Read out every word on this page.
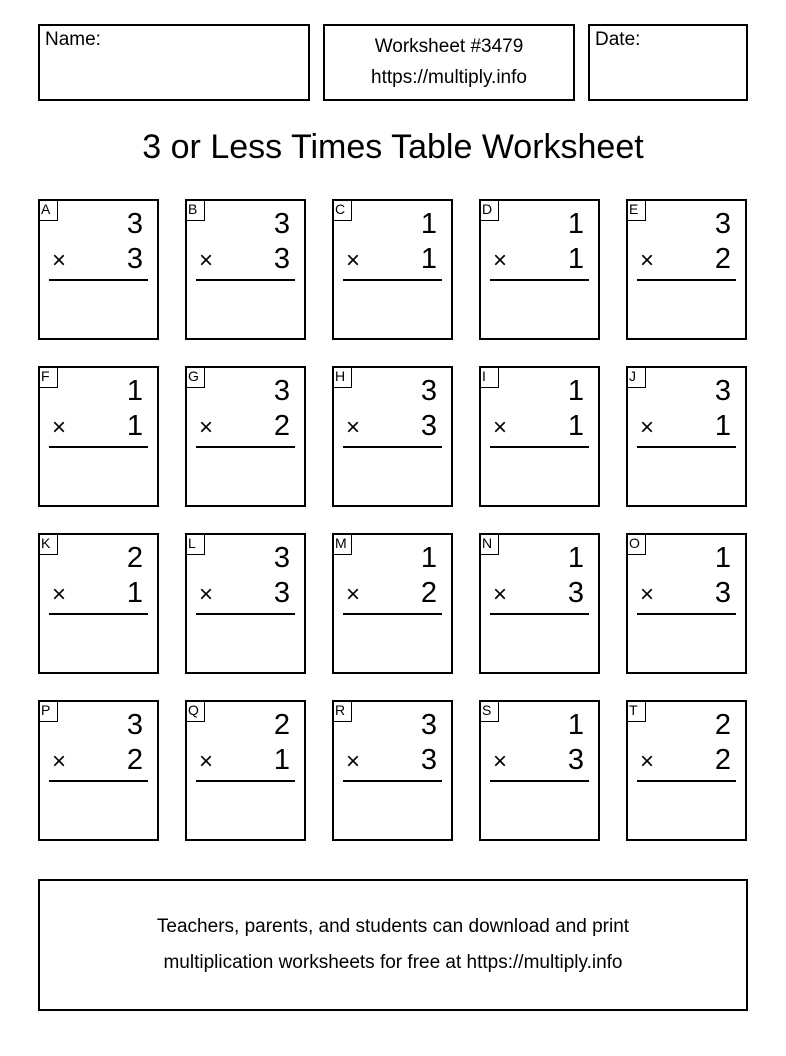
Name:	Worksheet #3479
https://multiply.info
Date:
3 or Less Times Table Worksheet
A	3
× 3
B	3
× 3
C	1
× 1
D	1
× 1
E	3
× 2
F	1
× 1
G	3
× 2
H	3
× 3
I	1
× 1
J	3
× 1
K	2
× 1
L	3
× 3
M	1
× 2
N	1
× 3
O	1
× 3
P	3
× 2
Q	2
× 1
R	3
× 3
S	1
× 3
T	2
× 2
Teachers, parents, and students can download and print
multiplication worksheets for free at https://multiply.info
